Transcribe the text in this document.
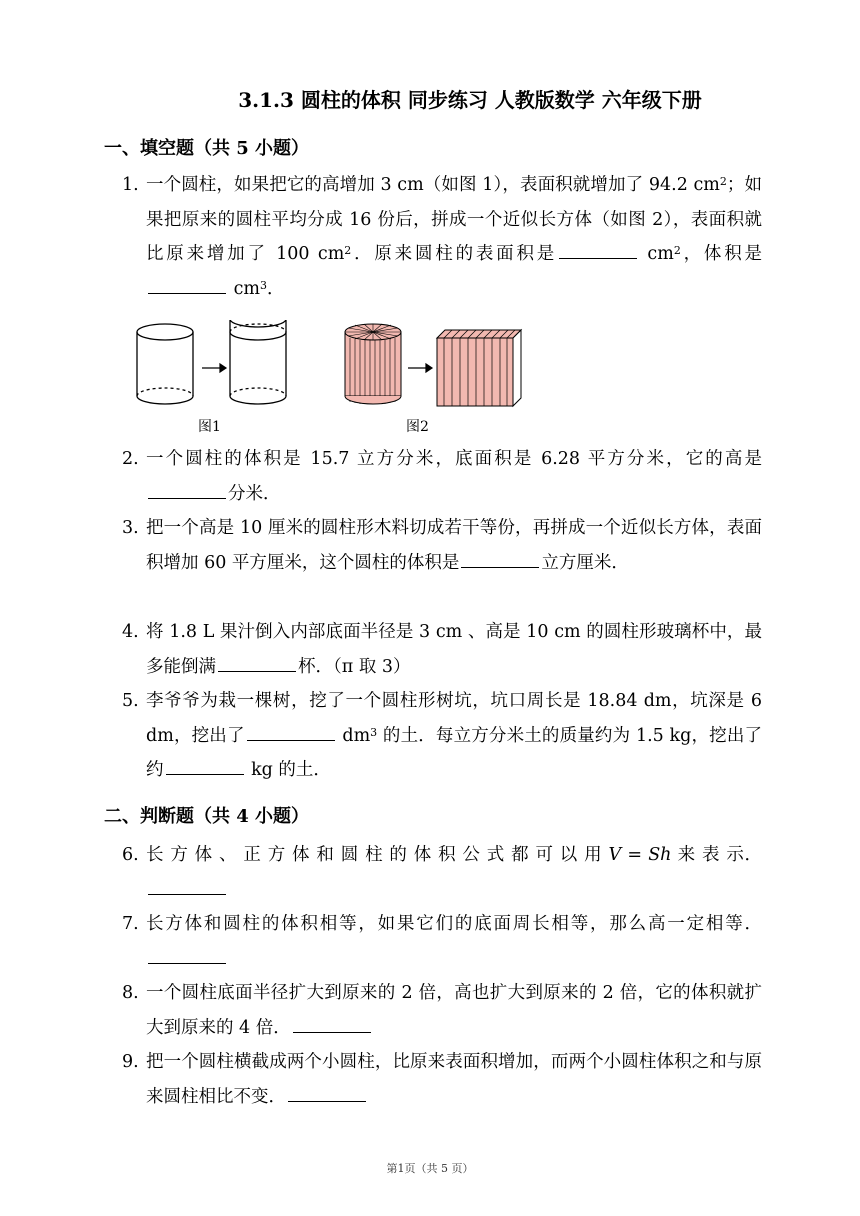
3.1.3 圆柱的体积 同步练习 人教版数学 六年级下册
一、填空题（共 5 小题）
1. 一个圆柱，如果把它的高增加 3 cm（如图 1），表面积就增加了 94.2 $cm^2$；如果把原来的圆柱平均分成 16 份后，拼成一个近似长方体（如图 2），表面积就比原来增加了 100 $cm^2$．原来圆柱的表面积是	$cm^2$，体积是 $cm^3$．
图1	图2
2. 一个圆柱的体积是 15.7 立方分米，底面积是 6.28 平方分米，它的高是分米．
3. 把一个高是 10 厘米的圆柱形木料切成若干等份，再拼成一个近似长方体，表面积增加 60 平方厘米，这个圆柱的体积是	立方厘米．
4. 将 1.8 L 果汁倒入内部底面半径是 3 cm 、高是 10 cm 的圆柱形玻璃杯中，最多能倒满	杯．（π 取 3）
5. 李爷爷为栽一棵树，挖了一个圆柱形树坑，坑口周长是 18.84 dm，坑深是 6 dm，挖出了	$dm^3$ 的土．每立方分米土的质量约为 1.5 kg，挖出了约	kg 的土．
二、判断题（共 4 小题）
6. 长 方 体 、 正 方 体 和 圆 柱 的 体 积 公 式 都 可 以 用 V = Sh 来 表 示．
7. 长方体和圆柱的体积相等，如果它们的底面周长相等，那么高一定相等．
8. 一个圆柱底面半径扩大到原来的 2 倍，高也扩大到原来的 2 倍，它的体积就扩大到原来的 4 倍．
9. 把一个圆柱横截成两个小圆柱，比原来表面积增加，而两个小圆柱体积之和与原来圆柱相比不变．
第1页（共 5 页）
